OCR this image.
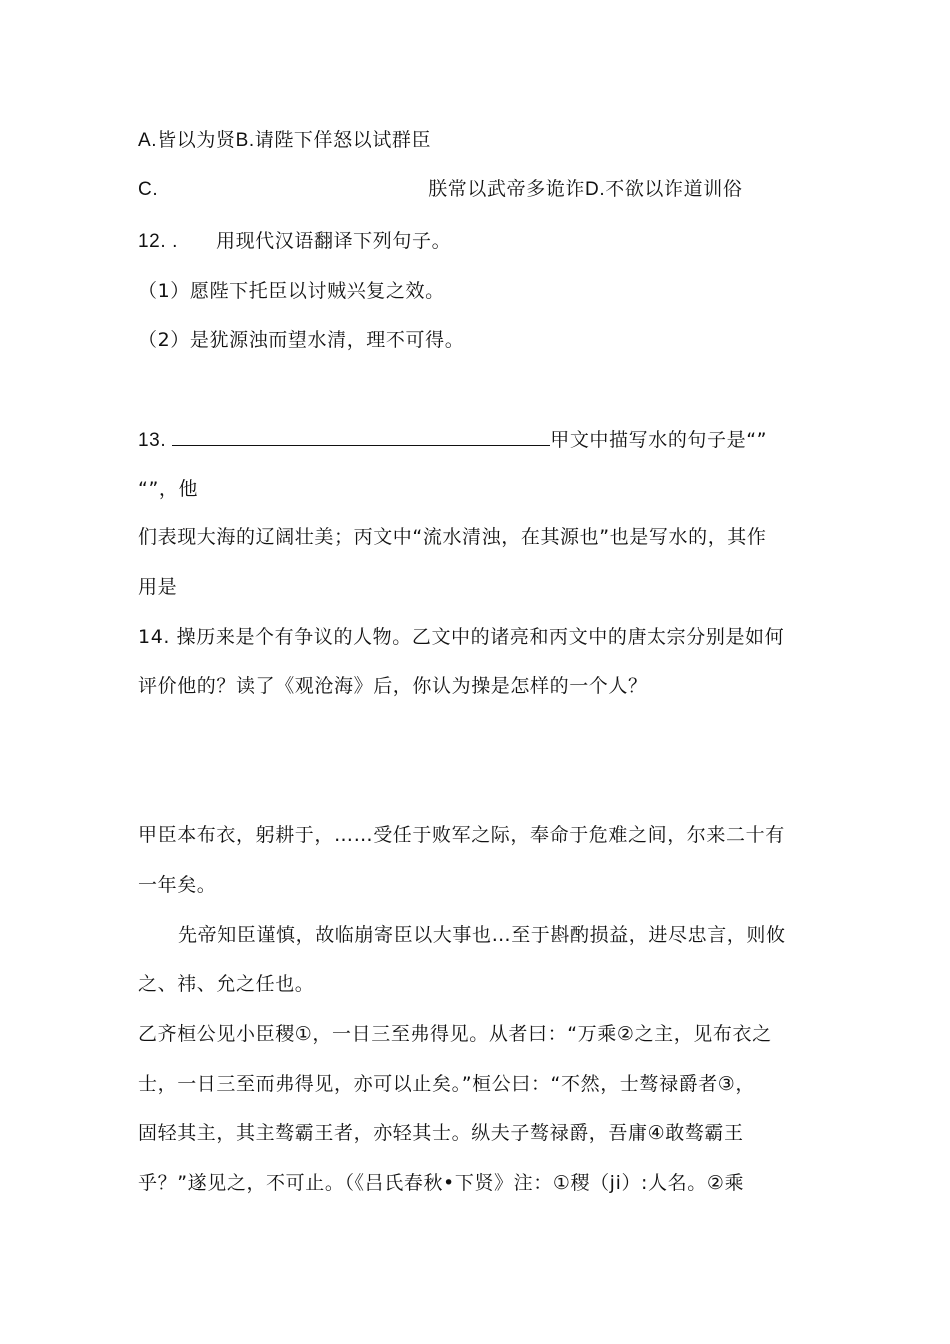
A.皆以为贤B.请陛下佯怒以试群臣
C.	朕常以武帝多诡诈D.不欲以诈道训俗
12. . 用现代汉语翻译下列句子。
（1）愿陛下托臣以讨贼兴复之效。
（2）是犹源浊而望水清，理不可得。
13.	甲文中描写水的句子是“”
“”，他
们表现大海的辽阔壮美；丙文中“流水清浊，在其源也”也是写水的，其作
用是
14. 操历来是个有争议的人物。乙文中的诸亮和丙文中的唐太宗分别是如何
评价他的？读了《观沧海》后，你认为操是怎样的一个人？
甲臣本布衣，躬耕于，……受任于败军之际，奉命于危难之间，尔来二十有
一年矣。
先帝知臣谨慎，故临崩寄臣以大事也…至于斟酌损益，进尽忠言，则攸
之、祎、允之任也。
乙齐桓公见小臣稷①，一日三至弗得见。从者曰：“万乘②之主，见布衣之
士，一日三至而弗得见，亦可以止矣。”桓公曰：“不然，士骜禄爵者③，
固轻其主，其主骜霸王者，亦轻其士。纵夫子骜禄爵，吾庸④敢骜霸王
乎？”遂见之，不可止。（《吕氏春秋•下贤》注：①稷（ji）:人名。②乘
